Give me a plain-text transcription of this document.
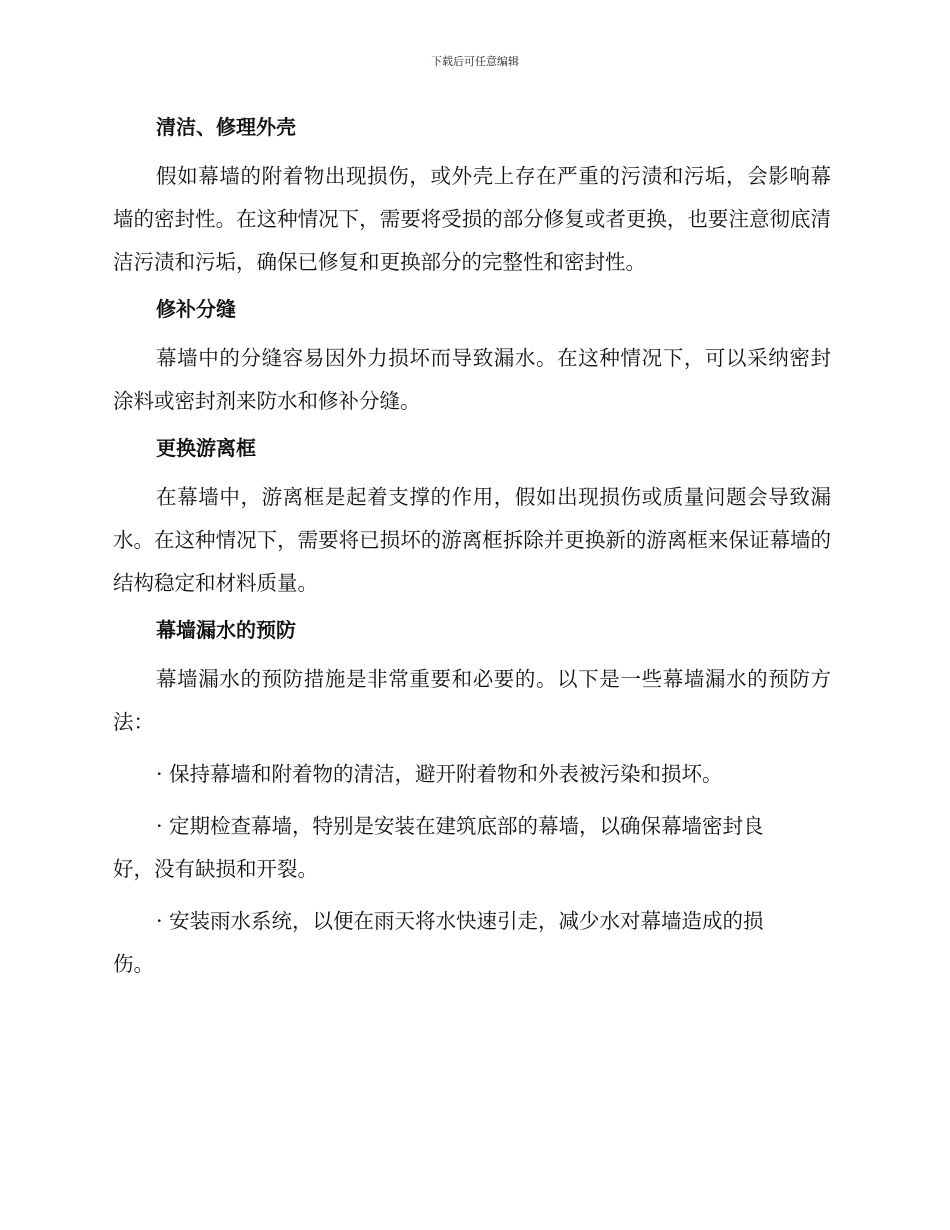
下载后可任意编辑
清洁、修理外壳

假如幕墙的附着物出现损伤，或外壳上存在严重的污渍和污垢，会影响幕墙的密封性。在这种情况下，需要将受损的部分修复或者更换，也要注意彻底清洁污渍和污垢，确保已修复和更换部分的完整性和密封性。

修补分缝

幕墙中的分缝容易因外力损坏而导致漏水。在这种情况下，可以采纳密封涂料或密封剂来防水和修补分缝。

更换游离框

在幕墙中，游离框是起着支撑的作用，假如出现损伤或质量问题会导致漏水。在这种情况下，需要将已损坏的游离框拆除并更换新的游离框来保证幕墙的结构稳定和材料质量。

幕墙漏水的预防

幕墙漏水的预防措施是非常重要和必要的。以下是一些幕墙漏水的预防方法：

· 保持幕墙和附着物的清洁，避开附着物和外表被污染和损坏。

· 定期检查幕墙，特别是安装在建筑底部的幕墙，以确保幕墙密封良好，没有缺损和开裂。

· 安装雨水系统，以便在雨天将水快速引走，减少水对幕墙造成的损伤。
